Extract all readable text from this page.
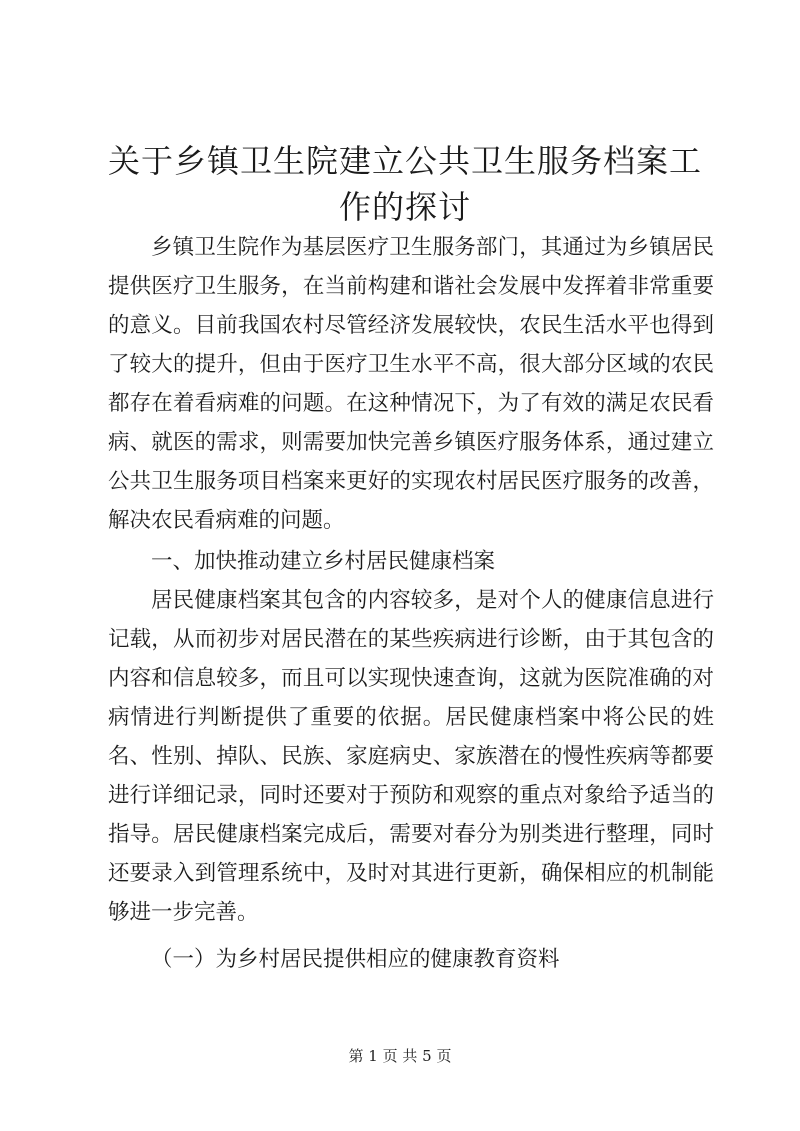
关于乡镇卫生院建立公共卫生服务档案工作的探讨

乡镇卫生院作为基层医疗卫生服务部门，其通过为乡镇居民提供医疗卫生服务，在当前构建和谐社会发展中发挥着非常重要的意义。目前我国农村尽管经济发展较快，农民生活水平也得到了较大的提升，但由于医疗卫生水平不高，很大部分区域的农民都存在着看病难的问题。在这种情况下，为了有效的满足农民看病、就医的需求，则需要加快完善乡镇医疗服务体系，通过建立公共卫生服务项目档案来更好的实现农村居民医疗服务的改善，解决农民看病难的问题。

一、加快推动建立乡村居民健康档案

居民健康档案其包含的内容较多，是对个人的健康信息进行记载，从而初步对居民潜在的某些疾病进行诊断，由于其包含的内容和信息较多，而且可以实现快速查询，这就为医院准确的对病情进行判断提供了重要的依据。居民健康档案中将公民的姓名、性别、掉队、民族、家庭病史、家族潜在的慢性疾病等都要进行详细记录，同时还要对于预防和观察的重点对象给予适当的指导。居民健康档案完成后，需要对春分为别类进行整理，同时还要录入到管理系统中，及时对其进行更新，确保相应的机制能够进一步完善。

（一）为乡村居民提供相应的健康教育资料

第 1 页 共 5 页
